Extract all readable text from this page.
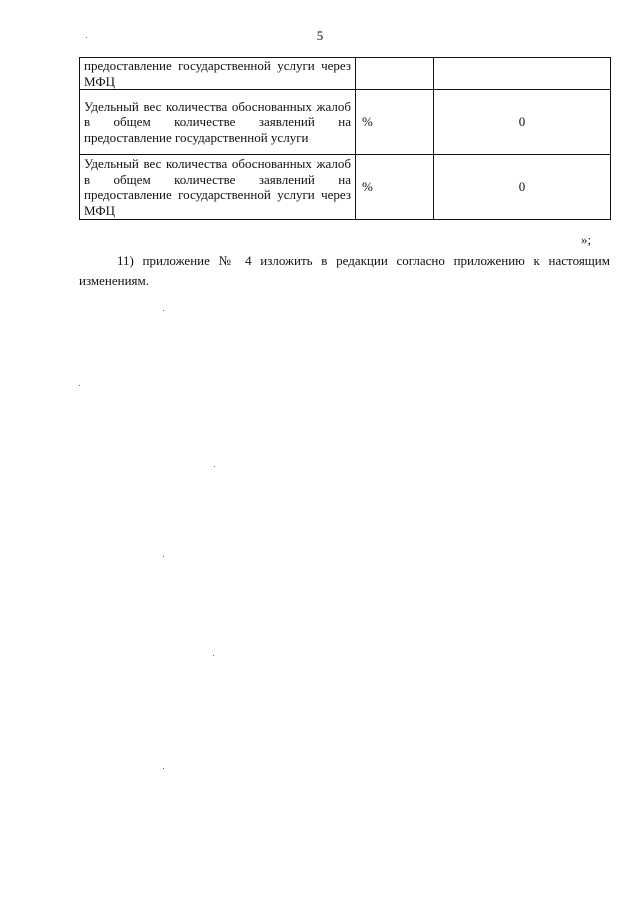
5
предоставление государственной услуги через МФЦ		

Удельный вес количества обоснованных жалоб в общем количестве заявлений на предоставление государственной услуги	%	0

Удельный вес количества обоснованных жалоб в общем количестве заявлений на предоставление государственной услуги через МФЦ	%	0
»;

11) приложение № 4 изложить в редакции согласно приложению к настоящим изменениям.
